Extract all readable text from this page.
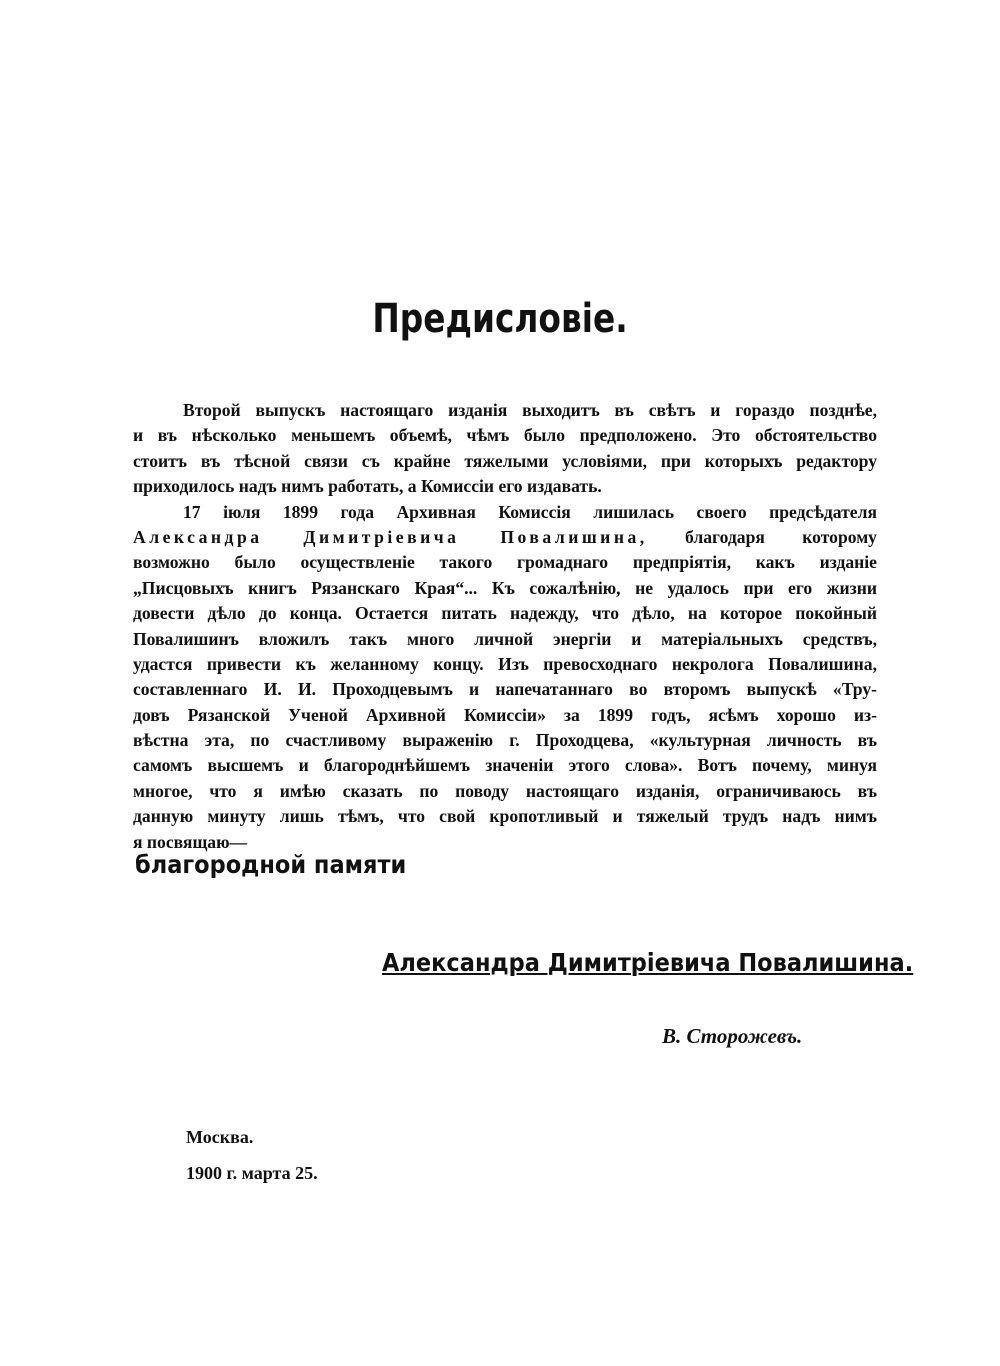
Предисловіе.
Второй выпускъ настоящаго изданія выходитъ въ свѣтъ и гораздо позднѣе,
и въ нѣсколько меньшемъ объемѣ, чѣмъ было предположено. Это обстоятельство
стоитъ въ тѣсной связи съ крайне тяжелыми условіями, при которыхъ редактору
приходилось надъ нимъ работать, а Комиссіи его издавать.
17 іюля 1899 года Архивная Комиссія лишилась своего предсѣдателя
Александра Димитріевича Повалишина, благодаря которому
возможно было осуществленіе такого громаднаго предпріятія, какъ изданіе
„Писцовыхъ книгъ Рязанскаго Края“... Къ сожалѣнію, не удалось при его жизни
довести дѣло до конца. Остается питать надежду, что дѣло, на которое покойный
Повалишинъ вложилъ такъ много личной энергіи и матеріальныхъ средствъ,
удастся привести къ желанному концу. Изъ превосходнаго некролога Повалишина,
составленнаго И. И. Проходцевымъ и напечатаннаго во второмъ выпускѣ «Тру-
довъ Рязанской Ученой Архивной Комиссіи» за 1899 годъ, ясѣмъ хорошо из-
вѣстна эта, по счастливому выраженію г. Проходцева, «культурная личность въ
самомъ высшемъ и благороднѣйшемъ значеніи этого слова». Вотъ почему, минуя
многое, что я имѣю сказать по поводу настоящаго изданія, ограничиваюсь въ
данную минуту лишь тѣмъ, что свой кропотливый и тяжелый трудъ надъ нимъ
я посвящаю—
благородной памяти
Александра Димитріевича Повалишина.
В. Сторожевъ.
Москва.
1900 г. марта 25.
